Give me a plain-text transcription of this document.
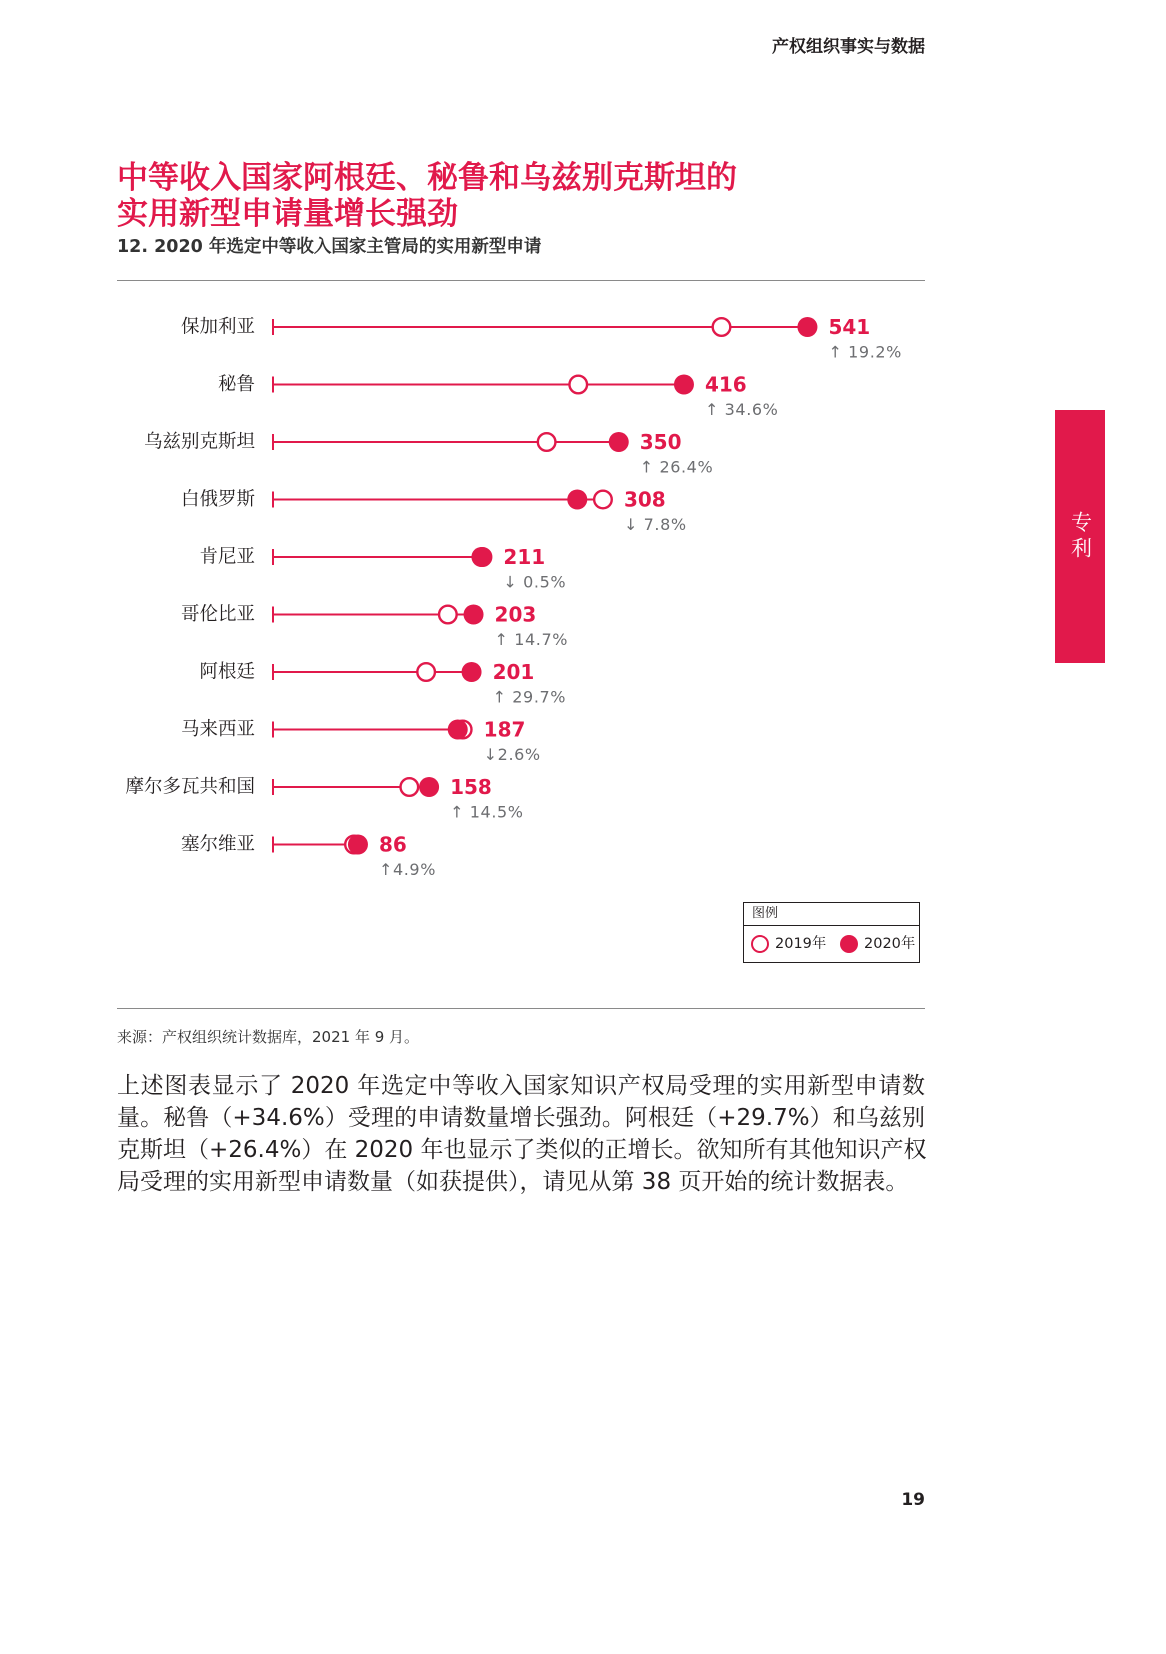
产权组织事实与数据
专利
中等收入国家阿根廷、秘鲁和乌兹别克斯坦的
实用新型申请量增长强劲
12. 2020 年选定中等收入国家主管局的实用新型申请
保加利亚	541
↑ 19.2%
秘鲁	416
↑ 34.6%
乌兹别克斯坦	350
↑ 26.4%
白俄罗斯	308
↓ 7.8%
肯尼亚	211
↓ 0.5%
哥伦比亚	203
↑ 14.7%
阿根廷	201
↑ 29.7%
马来西亚	187
↓2.6%
摩尔多瓦共和国	158
↑ 14.5%
塞尔维亚	86
↑4.9%
图例
2019年	2020年
来源：产权组织统计数据库，2021 年 9 月。
上述图表显示了 2020 年选定中等收入国家知识产权局受理的实用新型申请数
量。秘鲁（+34.6%）受理的申请数量增长强劲。阿根廷（+29.7%）和乌兹别
克斯坦（+26.4%）在 2020 年也显示了类似的正增长。欲知所有其他知识产权
局受理的实用新型申请数量（如获提供），请见从第 38 页开始的统计数据表。
19
